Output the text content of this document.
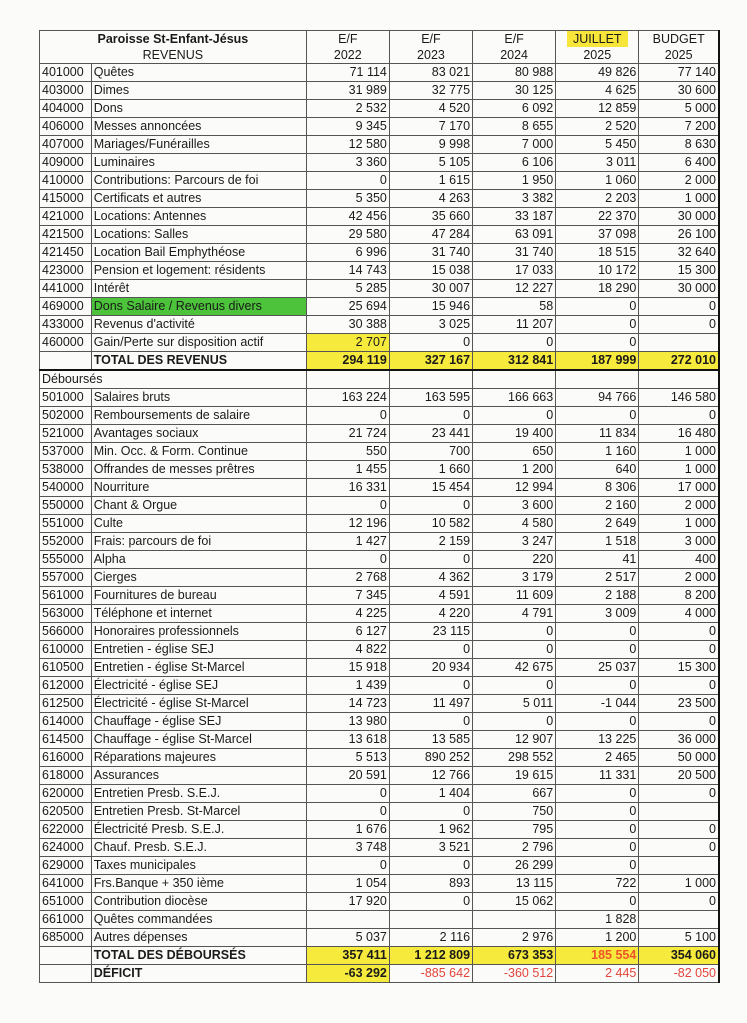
Paroisse St-Enfant-Jésus		E/F	E/F	E/F	JUILLET	BUDGET
REVENUS		2022	2023	2024	2025	2025
401000	Quêtes	71 114	83 021	80 988	49 826	77 140
403000	Dimes	31 989	32 775	30 125	4 625	30 600
404000	Dons	2 532	4 520	6 092	12 859	5 000
406000	Messes annoncées	9 345	7 170	8 655	2 520	7 200
407000	Mariages/Funérailles	12 580	9 998	7 000	5 450	8 630
409000	Luminaires	3 360	5 105	6 106	3 011	6 400
410000	Contributions: Parcours de foi	0	1 615	1 950	1 060	2 000
415000	Certificats et autres	5 350	4 263	3 382	2 203	1 000
421000	Locations: Antennes	42 456	35 660	33 187	22 370	30 000
421500	Locations: Salles	29 580	47 284	63 091	37 098	26 100
421450	Location Bail Emphythéose	6 996	31 740	31 740	18 515	32 640
423000	Pension et logement: résidents	14 743	15 038	17 033	10 172	15 300
441000	Intérêt	5 285	30 007	12 227	18 290	30 000
469000	Dons Salaire / Revenus divers	25 694	15 946	58	0	0
433000	Revenus d'activité	30 388	3 025	11 207	0	0
460000	Gain/Perte sur disposition actif	2 707	0	0	0	
	TOTAL DES REVENUS	294 119	327 167	312 841	187 999	272 010
Déboursés						
501000	Salaires bruts	163 224	163 595	166 663	94 766	146 580
502000	Remboursements de salaire	0	0	0	0	0
521000	Avantages sociaux	21 724	23 441	19 400	11 834	16 480
537000	Min. Occ. & Form. Continue	550	700	650	1 160	1 000
538000	Offrandes de messes prêtres	1 455	1 660	1 200	640	1 000
540000	Nourriture	16 331	15 454	12 994	8 306	17 000
550000	Chant & Orgue	0	0	3 600	2 160	2 000
551000	Culte	12 196	10 582	4 580	2 649	1 000
552000	Frais: parcours de foi	1 427	2 159	3 247	1 518	3 000
555000	Alpha	0	0	220	41	400
557000	Cierges	2 768	4 362	3 179	2 517	2 000
561000	Fournitures de bureau	7 345	4 591	11 609	2 188	8 200
563000	Téléphone et internet	4 225	4 220	4 791	3 009	4 000
566000	Honoraires professionnels	6 127	23 115	0	0	0
610000	Entretien - église SEJ	4 822	0	0	0	0
610500	Entretien - église St-Marcel	15 918	20 934	42 675	25 037	15 300
612000	Électricité - église SEJ	1 439	0	0	0	0
612500	Électricité - église St-Marcel	14 723	11 497	5 011	-1 044	23 500
614000	Chauffage - église SEJ	13 980	0	0	0	0
614500	Chauffage - église St-Marcel	13 618	13 585	12 907	13 225	36 000
616000	Réparations majeures	5 513	890 252	298 552	2 465	50 000
618000	Assurances	20 591	12 766	19 615	11 331	20 500
620000	Entretien Presb. S.E.J.	0	1 404	667	0	0
620500	Entretien Presb. St-Marcel	0	0	750	0	
622000	Électricité Presb. S.E.J.	1 676	1 962	795	0	0
624000	Chauf. Presb. S.E.J.	3 748	3 521	2 796	0	0
629000	Taxes municipales	0	0	26 299	0	
641000	Frs.Banque + 350 ième	1 054	893	13 115	722	1 000
651000	Contribution diocèse	17 920	0	15 062	0	0
661000	Quêtes commandées				1 828	
685000	Autres dépenses	5 037	2 116	2 976	1 200	5 100
	TOTAL DES DÉBOURSÉS	357 411	1 212 809	673 353	185 554	354 060
	DÉFICIT	-63 292	-885 642	-360 512	2 445	-82 050
